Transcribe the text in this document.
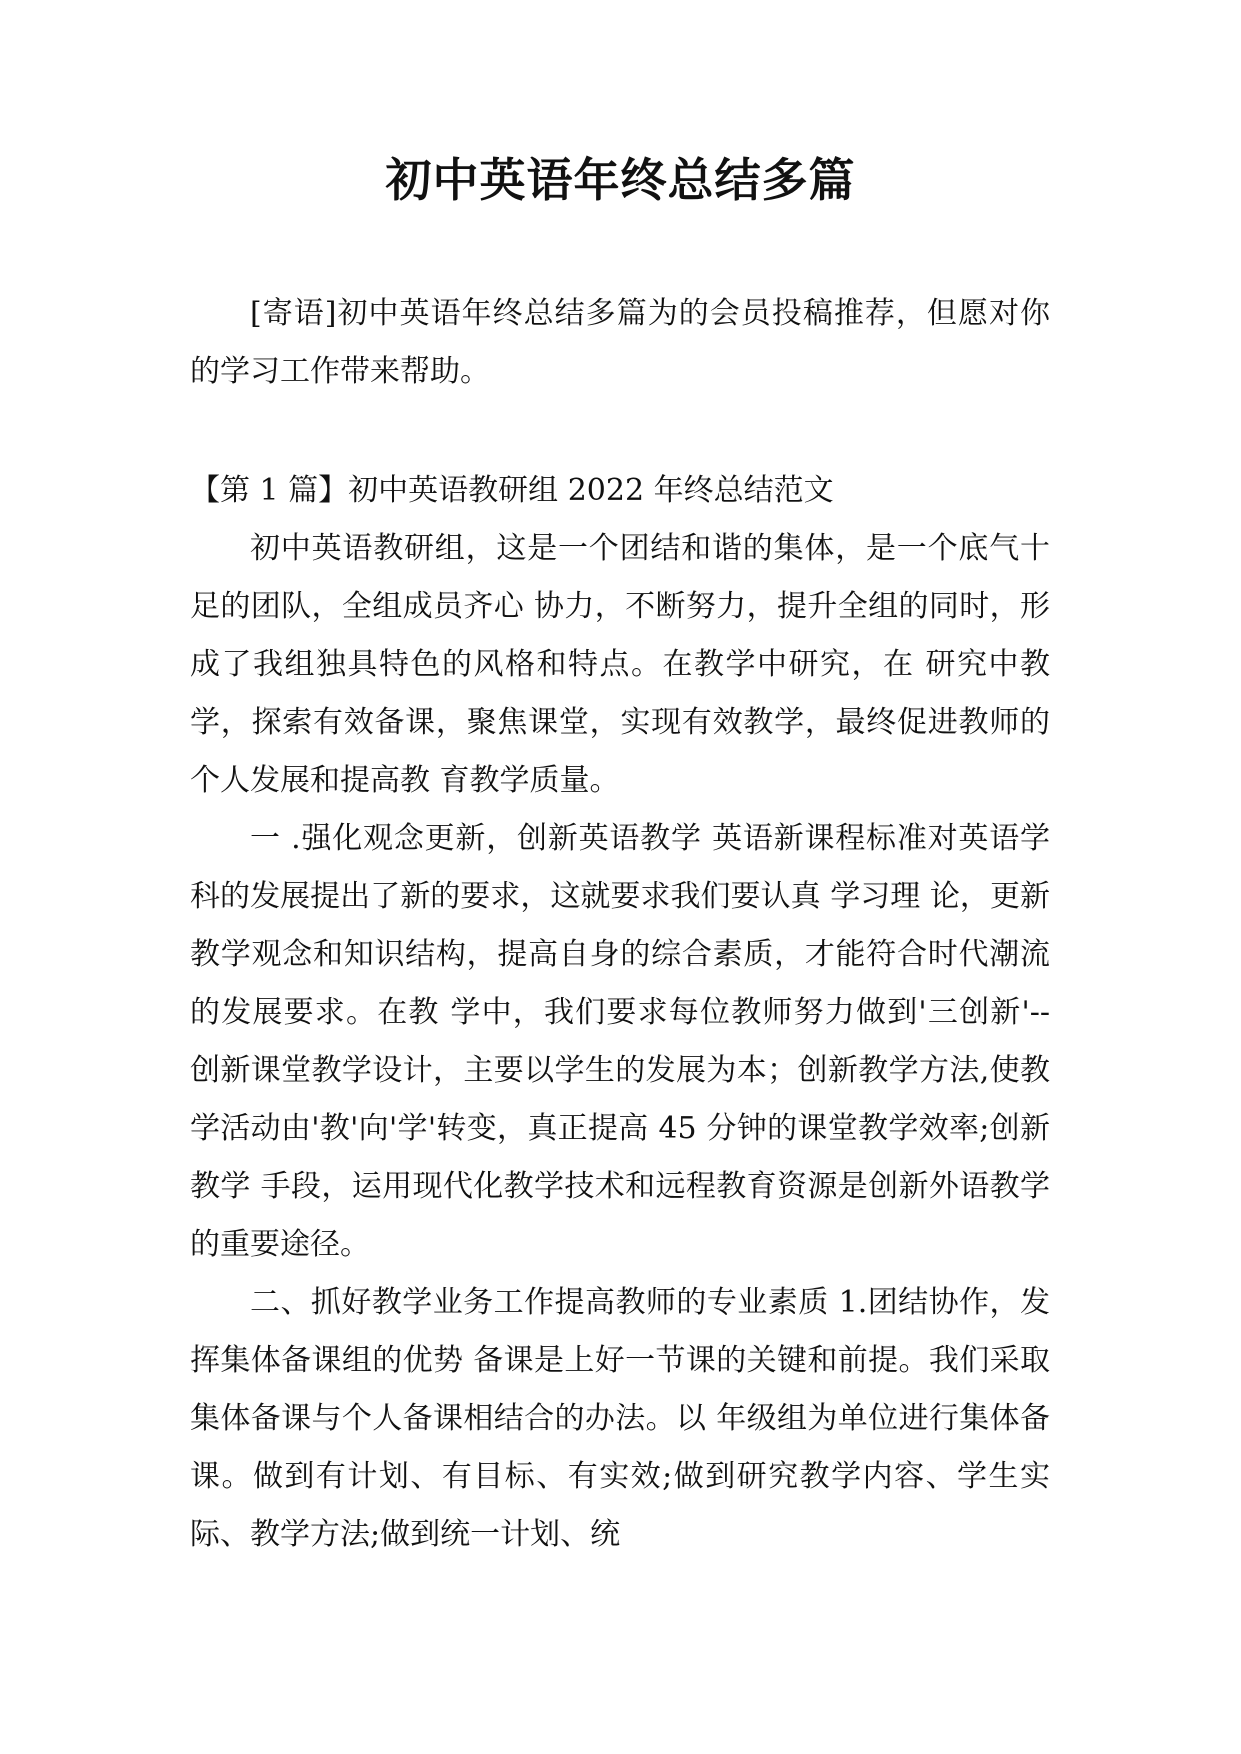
初中英语年终总结多篇

[寄语]初中英语年终总结多篇为的会员投稿推荐，但愿对你的学习工作带来帮助。

【第 1 篇】初中英语教研组 2022 年终总结范文

初中英语教研组，这是一个团结和谐的集体，是一个底气十足的团队，全组成员齐心 协力，不断努力，提升全组的同时，形成了我组独具特色的风格和特点。在教学中研究，在 研究中教学，探索有效备课，聚焦课堂，实现有效教学，最终促进教师的个人发展和提高教 育教学质量。

一 .强化观念更新，创新英语教学 英语新课程标准对英语学科的发展提出了新的要求，这就要求我们要认真 学习理 论，更新教学观念和知识结构，提高自身的综合素质，才能符合时代潮流的发展要求。在教 学中，我们要求每位教师努力做到'三创新'-- 创新课堂教学设计，主要以学生的发展为本；创新教学方法,使教学活动由'教'向'学'转变，真正提高 45 分钟的课堂教学效率;创新教学 手段，运用现代化教学技术和远程教育资源是创新外语教学的重要途径。

二、抓好教学业务工作提高教师的专业素质 1.团结协作，发挥集体备课组的优势 备课是上好一节课的关键和前提。我们采取集体备课与个人备课相结合的办法。以 年级组为单位进行集体备课。做到有计划、有目标、有实效;做到研究教学内容、学生实际、教学方法;做到统一计划、统
